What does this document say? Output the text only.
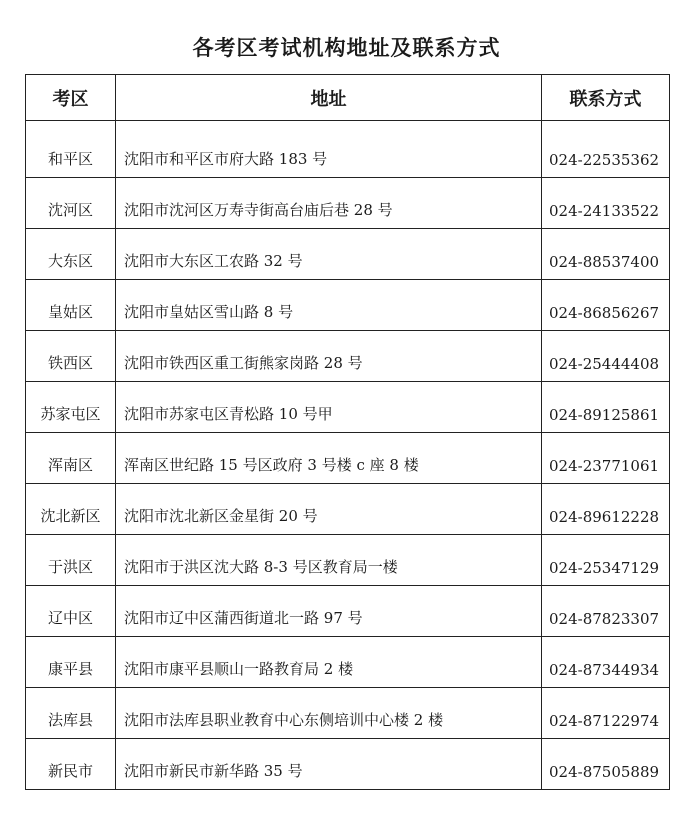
各考区考试机构地址及联系方式
考区	地址	联系方式
和平区	沈阳市和平区市府大路 183 号	024-22535362
沈河区	沈阳市沈河区万寿寺街高台庙后巷 28 号	024-24133522
大东区	沈阳市大东区工农路 32 号	024-88537400
皇姑区	沈阳市皇姑区雪山路 8 号	024-86856267
铁西区	沈阳市铁西区重工街熊家岗路 28 号	024-25444408
苏家屯区	沈阳市苏家屯区青松路 10 号甲	024-89125861
浑南区	浑南区世纪路 15 号区政府 3 号楼 c 座 8 楼	024-23771061
沈北新区	沈阳市沈北新区金星街 20 号	024-89612228
于洪区	沈阳市于洪区沈大路 8-3 号区教育局一楼	024-25347129
辽中区	沈阳市辽中区蒲西街道北一路 97 号	024-87823307
康平县	沈阳市康平县顺山一路教育局 2 楼	024-87344934
法库县	沈阳市法库县职业教育中心东侧培训中心楼 2 楼	024-87122974
新民市	沈阳市新民市新华路 35 号	024-87505889
